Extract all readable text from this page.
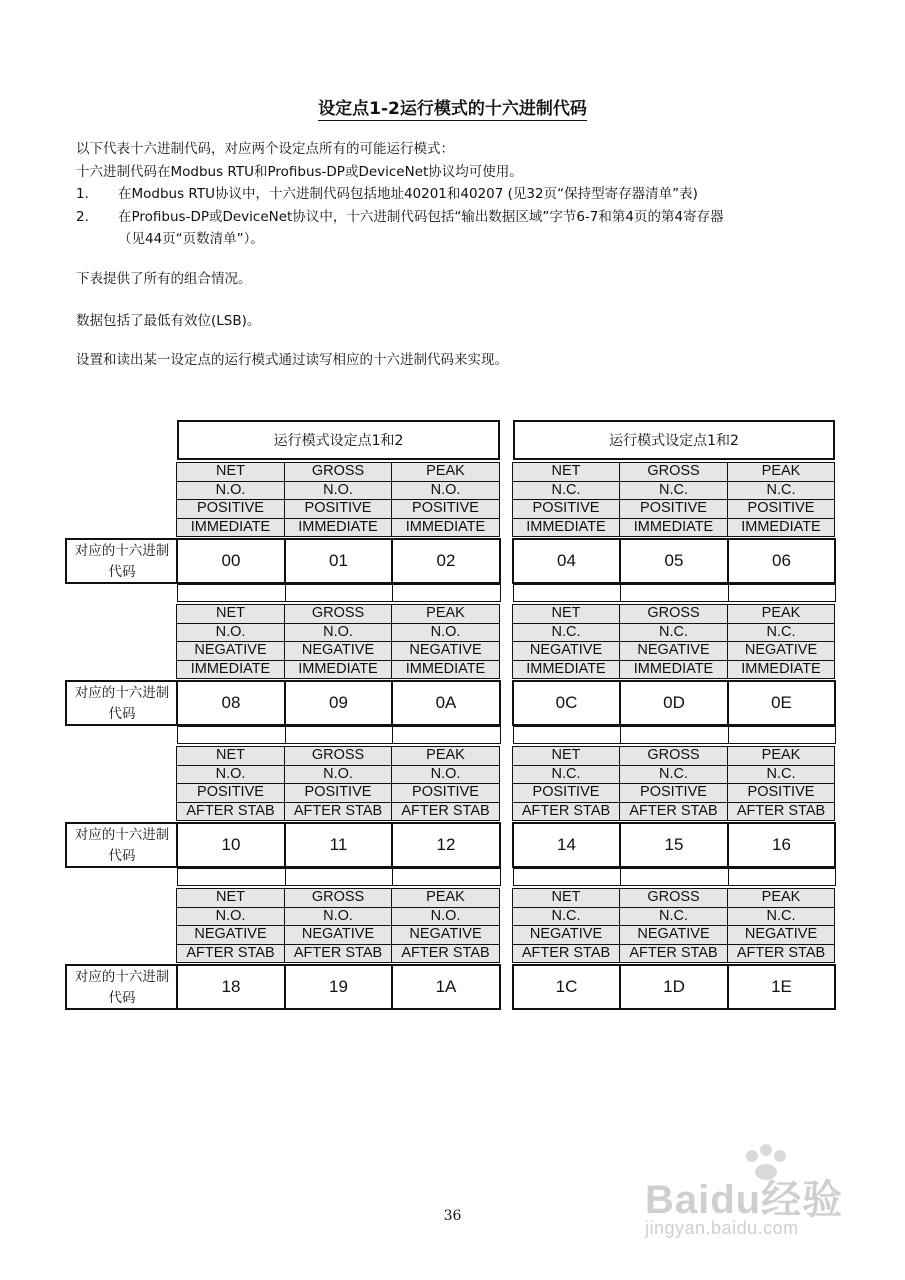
设定点1-2运行模式的十六进制代码

以下代表十六进制代码，对应两个设定点所有的可能运行模式：

十六进制代码在Modbus RTU和Profibus-DP或DeviceNet协议均可使用。

1. 在Modbus RTU协议中，十六进制代码包括地址40201和40207 (见32页“保持型寄存器清单”表)

2. 在Profibus-DP或DeviceNet协议中，十六进制代码包括“输出数据区域”字节6-7和第4页的第4寄存器

（见44页“页数清单”）。

下表提供了所有的组合情况。
数据包括了最低有效位(LSB)。
设置和读出某一设定点的运行模式通过读写相应的十六进制代码来实现。
运行模式设定点1和2	运行模式设定点1和2
NET	GROSS	PEAK	NET	GROSS	PEAK
N.O.	N.O.	N.O.	N.C.	N.C.	N.C.
POSITIVE	POSITIVE	POSITIVE	POSITIVE	POSITIVE	POSITIVE
IMMEDIATE	IMMEDIATE	IMMEDIATE	IMMEDIATE	IMMEDIATE	IMMEDIATE
对应的十六进制
代码
00	01	02	04	05	06
NET	GROSS	PEAK	NET	GROSS	PEAK
N.O.	N.O.	N.O.	N.C.	N.C.	N.C.
NEGATIVE	NEGATIVE	NEGATIVE	NEGATIVE	NEGATIVE	NEGATIVE
IMMEDIATE	IMMEDIATE	IMMEDIATE	IMMEDIATE	IMMEDIATE	IMMEDIATE
对应的十六进制
代码
08	09	0A	0C	0D	0E
NET	GROSS	PEAK	NET	GROSS	PEAK
N.O.	N.O.	N.O.	N.C.	N.C.	N.C.
POSITIVE	POSITIVE	POSITIVE	POSITIVE	POSITIVE	POSITIVE
AFTER STAB	AFTER STAB	AFTER STAB	AFTER STAB	AFTER STAB	AFTER STAB
对应的十六进制
代码
10	11	12	14	15	16
NET	GROSS	PEAK	NET	GROSS	PEAK
N.O.	N.O.	N.O.	N.C.	N.C.	N.C.
NEGATIVE	NEGATIVE	NEGATIVE	NEGATIVE	NEGATIVE	NEGATIVE
AFTER STAB	AFTER STAB	AFTER STAB	AFTER STAB	AFTER STAB	AFTER STAB
对应的十六进制
代码
18	19	1A	1C	1D	1E
36	Baidu经验
jingyan.baidu.com
